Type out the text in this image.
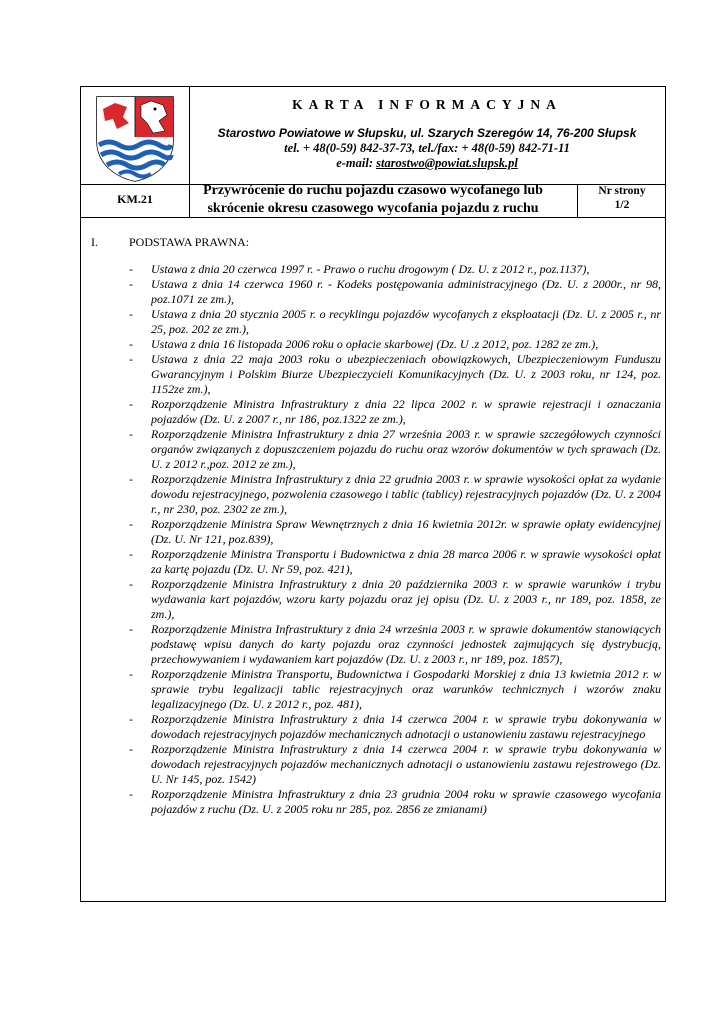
KARTA INFORMACYJNA
Starostwo Powiatowe w Słupsku, ul. Szarych Szeregów 14, 76-200 Słupsk
tel. + 48(0-59) 842-37-73, tel./fax: + 48(0-59) 842-71-11
e-mail: starostwo@powiat.slupsk.pl
KM.21
Przywrócenie do ruchu pojazdu czasowo wycofanego lub
skrócenie okresu czasowego wycofania pojazdu z ruchu
Nr strony
1/2
I.	PODSTAWA PRAWNA:
- Ustawa z dnia 20 czerwca 1997 r. - Prawo o ruchu drogowym ( Dz. U. z 2012 r., poz.1137),
- Ustawa z dnia 14 czerwca 1960 r. - Kodeks postępowania administracyjnego (Dz. U. z 2000r., nr 98, poz.1071 ze zm.),
- Ustawa z dnia 20 stycznia 2005 r. o recyklingu pojazdów wycofanych z eksploatacji (Dz. U. z 2005 r., nr 25, poz. 202 ze zm.),
- Ustawa z dnia 16 listopada 2006 roku o opłacie skarbowej (Dz. U .z 2012, poz. 1282 ze zm.),
- Ustawa z dnia 22 maja 2003 roku o ubezpieczeniach obowiązkowych, Ubezpieczeniowym Funduszu Gwarancyjnym i Polskim Biurze Ubezpieczycieli Komunikacyjnych (Dz. U. z 2003 roku, nr 124, poz. 1152ze zm.),
- Rozporządzenie Ministra Infrastruktury z dnia 22 lipca 2002 r. w sprawie rejestracji i oznaczania pojazdów (Dz. U. z 2007 r., nr 186, poz.1322 ze zm.),
- Rozporządzenie Ministra Infrastruktury z dnia 27 września 2003 r. w sprawie szczegółowych czynności organów związanych z dopuszczeniem pojazdu do ruchu oraz wzorów dokumentów w tych sprawach (Dz. U. z 2012 r.,poz. 2012 ze zm.),
- Rozporządzenie Ministra Infrastruktury z dnia 22 grudnia 2003 r. w sprawie wysokości opłat za wydanie dowodu rejestracyjnego, pozwolenia czasowego i tablic (tablicy) rejestracyjnych pojazdów (Dz. U. z 2004 r., nr 230, poz. 2302 ze zm.),
- Rozporządzenie Ministra Spraw Wewnętrznych z dnia 16 kwietnia 2012r. w sprawie opłaty ewidencyjnej (Dz. U. Nr 121, poz.839),
- Rozporządzenie Ministra Transportu i Budownictwa z dnia 28 marca 2006 r. w sprawie wysokości opłat za kartę pojazdu (Dz. U. Nr 59, poz. 421),
- Rozporządzenie Ministra Infrastruktury z dnia 20 października 2003 r. w sprawie warunków i trybu wydawania kart pojazdów, wzoru karty pojazdu oraz jej opisu (Dz. U. z 2003 r., nr 189, poz. 1858, ze zm.),
- Rozporządzenie Ministra Infrastruktury z dnia 24 września 2003 r. w sprawie dokumentów stanowiących podstawę wpisu danych do karty pojazdu oraz czynności jednostek zajmujących się dystrybucją, przechowywaniem i wydawaniem kart pojazdów (Dz. U. z 2003 r., nr 189, poz. 1857),
- Rozporządzenie Ministra Transportu, Budownictwa i Gospodarki Morskiej z dnia 13 kwietnia 2012 r. w sprawie trybu legalizacji tablic rejestracyjnych oraz warunków technicznych i wzorów znaku legalizacyjnego (Dz. U. z 2012 r., poz. 481),
- Rozporządzenie Ministra Infrastruktury z dnia 14 czerwca 2004 r. w sprawie trybu dokonywania w dowodach rejestracyjnych pojazdów mechanicznych adnotacji o ustanowieniu zastawu rejestracyjnego
- Rozporządzenie Ministra Infrastruktury z dnia 14 czerwca 2004 r. w sprawie trybu dokonywania w dowodach rejestracyjnych pojazdów mechanicznych adnotacji o ustanowieniu zastawu rejestrowego (Dz. U. Nr 145, poz. 1542)
- Rozporządzenie Ministra Infrastruktury z dnia 23 grudnia 2004 roku w sprawie czasowego wycofania pojazdów z ruchu (Dz. U. z 2005 roku nr 285, poz. 2856 ze zmianami)
